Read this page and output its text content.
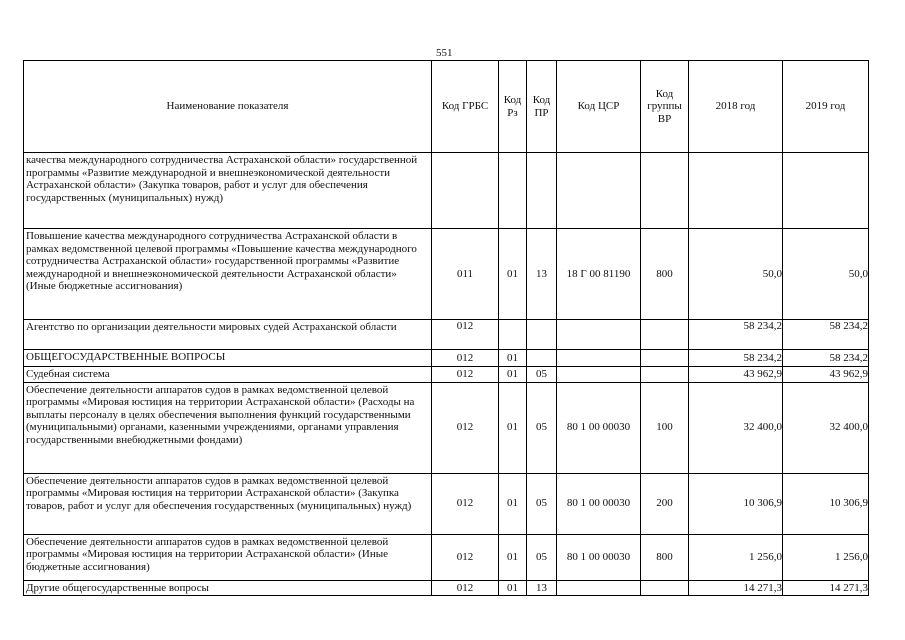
551
Наименование показателя	Код ГРБС	Код Рз	Код ПР	Код ЦСР	Код группы ВР	2018 год	2019 год
качества международного сотрудничества Астраханской области» государственной программы «Развитие международной и внешнеэкономической деятельности Астраханской области» (Закупка товаров, работ и услуг для обеспечения государственных (муниципальных) нужд)							
Повышение качества международного сотрудничества Астраханской области в рамках ведомственной целевой программы «Повышение качества международного сотрудничества Астраханской области» государственной программы «Развитие международной и внешнеэкономической деятельности Астраханской области» (Иные бюджетные ассигнования)	011	01	13	18 Г 00 81190	800	50,0	50,0
Агентство по организации деятельности мировых судей Астраханской области	012					58 234,2	58 234,2
ОБЩЕГОСУДАРСТВЕННЫЕ ВОПРОСЫ	012	01				58 234,2	58 234,2
Судебная система	012	01	05			43 962,9	43 962,9
Обеспечение деятельности аппаратов судов в рамках ведомственной целевой программы «Мировая юстиция на территории Астраханской области» (Расходы на выплаты персоналу в целях обеспечения выполнения функций государственными (муниципальными) органами, казенными учреждениями, органами управления государственными внебюджетными фондами)	012	01	05	80 1 00 00030	100	32 400,0	32 400,0
Обеспечение деятельности аппаратов судов в рамках ведомственной целевой программы «Мировая юстиция на территории Астраханской области» (Закупка товаров, работ и услуг для обеспечения государственных (муниципальных) нужд)	012	01	05	80 1 00 00030	200	10 306,9	10 306,9
Обеспечение деятельности аппаратов судов в рамках ведомственной целевой программы «Мировая юстиция на территории Астраханской области» (Иные бюджетные ассигнования)	012	01	05	80 1 00 00030	800	1 256,0	1 256,0
Другие общегосударственные вопросы	012	01	13			14 271,3	14 271,3
